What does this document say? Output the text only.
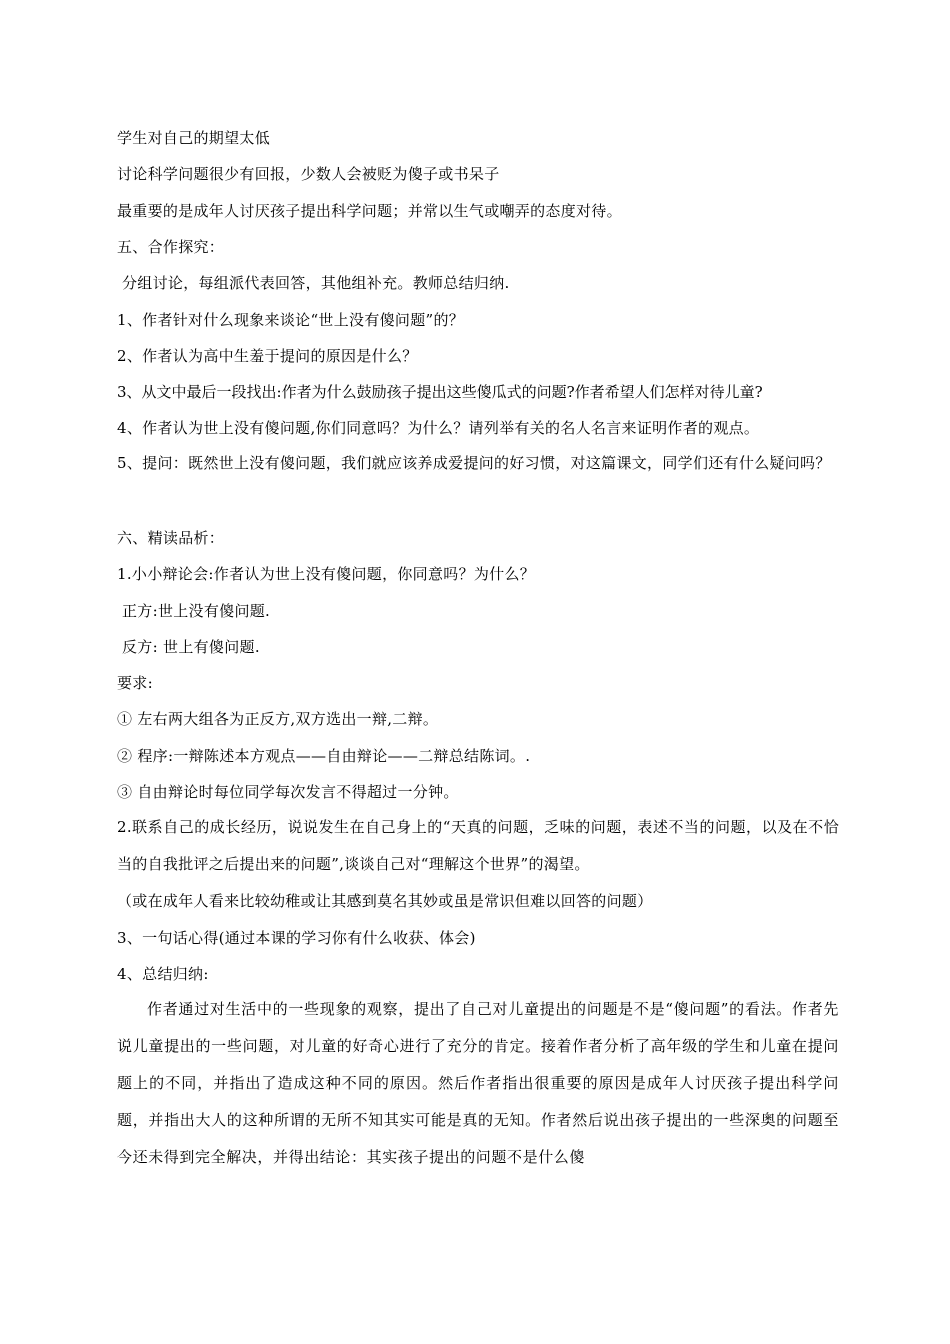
学生对自己的期望太低
讨论科学问题很少有回报，少数人会被贬为傻子或书呆子
最重要的是成年人讨厌孩子提出科学问题；并常以生气或嘲弄的态度对待。
五、合作探究：
分组讨论，每组派代表回答，其他组补充。教师总结归纳.
1、作者针对什么现象来谈论“世上没有傻问题”的？
2、作者认为高中生羞于提问的原因是什么？
3、从文中最后一段找出:作者为什么鼓励孩子提出这些傻瓜式的问题?作者希望人们怎样对待儿童?
4、作者认为世上没有傻问题,你们同意吗？为什么？请列举有关的名人名言来证明作者的观点。
5、提问：既然世上没有傻问题，我们就应该养成爱提问的好习惯，对这篇课文，同学们还有什么疑问吗？
六、精读品析：
1.小小辩论会:作者认为世上没有傻问题，你同意吗？为什么？
正方:世上没有傻问题.
反方: 世上有傻问题.
要求:
① 左右两大组各为正反方,双方选出一辩,二辩。
② 程序:一辩陈述本方观点——自由辩论——二辩总结陈词。.
③ 自由辩论时每位同学每次发言不得超过一分钟。
2.联系自己的成长经历，说说发生在自己身上的“天真的问题，乏味的问题，表述不当的问题，以及在不恰当的自我批评之后提出来的问题”,谈谈自己对“理解这个世界”的渴望。
（或在成年人看来比较幼稚或让其感到莫名其妙或虽是常识但难以回答的问题）
3、一句话心得(通过本课的学习你有什么收获、体会)
4、总结归纳:
作者通过对生活中的一些现象的观察，提出了自己对儿童提出的问题是不是“傻问题”的看法。作者先说儿童提出的一些问题，对儿童的好奇心进行了充分的肯定。接着作者分析了高年级的学生和儿童在提问题上的不同，并指出了造成这种不同的原因。然后作者指出很重要的原因是成年人讨厌孩子提出科学问题，并指出大人的这种所谓的无所不知其实可能是真的无知。作者然后说出孩子提出的一些深奥的问题至今还未得到完全解决，并得出结论：其实孩子提出的问题不是什么傻
